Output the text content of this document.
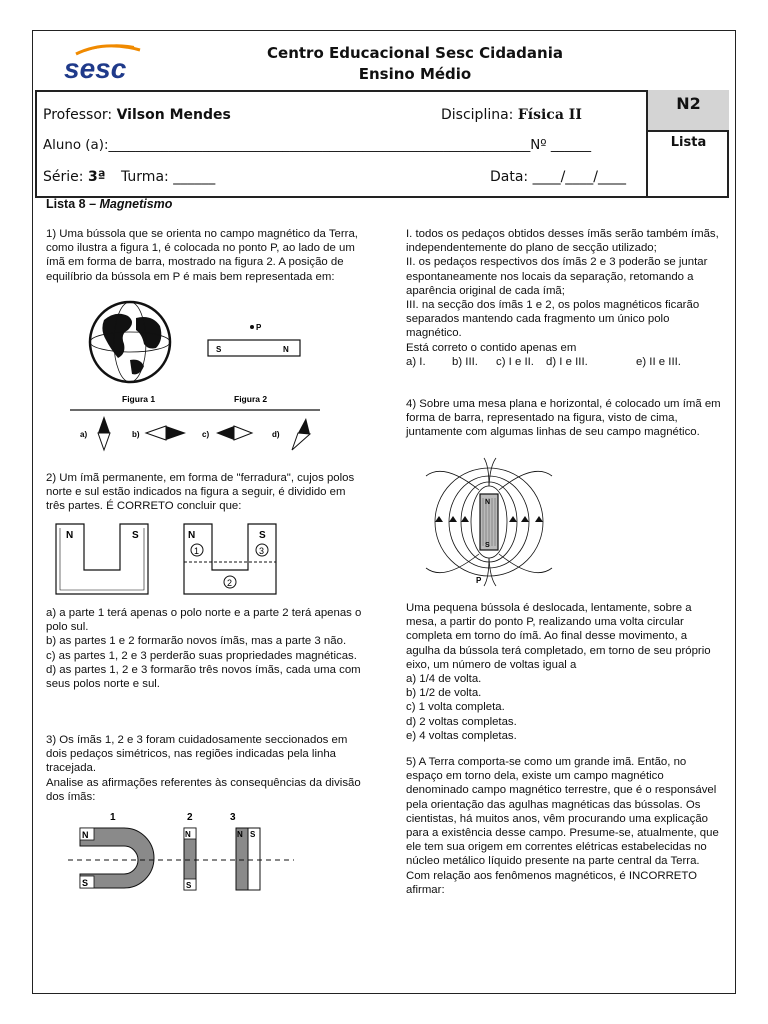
sesc	Centro Educacional Sesc Cidadania
Ensino Médio
Professor: Vilson Mendes	Disciplina: Física II
Aluno (a):_______________________________________________________________Nº ______
Série: 3ª Turma: ______	Data: ____/____/____
N2
Lista
Lista 8 – Magnetismo
1) Uma bússola que se orienta no campo magnético da Terra, como ilustra a figura 1, é colocada no ponto P, ao lado de um ímã em forma de barra, mostrado na figura 2. A posição de equilíbrio da bússola em P é mais bem representada em:
P
S	N
Figura 1	Figura 2
a)	b)	c)	d)
2) Um ímã permanente, em forma de "ferradura", cujos polos norte e sul estão indicados na figura a seguir, é dividido em três partes. É CORRETO concluir que:
N	S	N	S
1
2
3
a) a parte 1 terá apenas o polo norte e a parte 2 terá apenas o polo sul.
b) as partes 1 e 2 formarão novos ímãs, mas a parte 3 não.
c) as partes 1, 2 e 3 perderão suas propriedades magnéticas.
d) as partes 1, 2 e 3 formarão três novos ímãs, cada uma com seus polos norte e sul.
3) Os ímãs 1, 2 e 3 foram cuidadosamente seccionados em dois pedaços simétricos, nas regiões indicadas pela linha tracejada.
Analise as afirmações referentes às consequências da divisão dos ímãs:
1	2	3
N
S
N
S
N S
I. todos os pedaços obtidos desses ímãs serão também ímãs, independentemente do plano de secção utilizado;
II. os pedaços respectivos dos ímãs 2 e 3 poderão se juntar espontaneamente nos locais da separação, retomando a aparência original de cada ímã;
III. na secção dos ímãs 1 e 2, os polos magnéticos ficarão separados mantendo cada fragmento um único polo magnético.
Está correto o contido apenas em
a) I. b) III. c) I e II. d) I e III.	e) II e III.
4) Sobre uma mesa plana e horizontal, é colocado um ímã em forma de barra, representado na figura, visto de cima, juntamente com algumas linhas de seu campo magnético.
N
S
P
Uma pequena bússola é deslocada, lentamente, sobre a mesa, a partir do ponto P, realizando uma volta circular completa em torno do ímã. Ao final desse movimento, a agulha da bússola terá completado, em torno de seu próprio eixo, um número de voltas igual a
a) 1/4 de volta.
b) 1/2 de volta.
c) 1 volta completa.
d) 2 voltas completas.
e) 4 voltas completas.
5) A Terra comporta-se como um grande imã. Então, no espaço em torno dela, existe um campo magnético denominado campo magnético terrestre, que é o responsável pela orientação das agulhas magnéticas das bússolas. Os cientistas, há muitos anos, vêm procurando uma explicação para a existência desse campo. Presume-se, atualmente, que ele tem sua origem em correntes elétricas estabelecidas no núcleo metálico líquido presente na parte central da Terra. Com relação aos fenômenos magnéticos, é INCORRETO afirmar:
